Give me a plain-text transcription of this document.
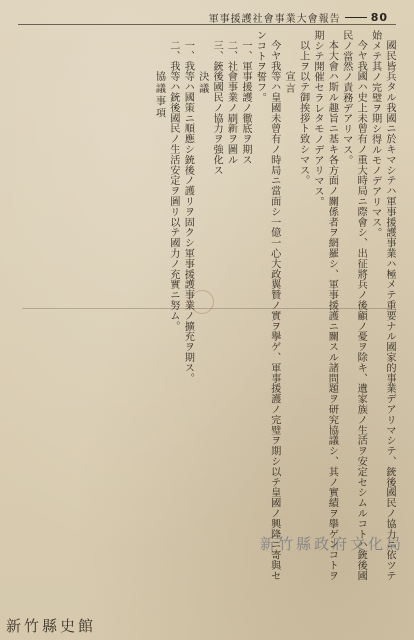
軍事援護社會事業大會報告	80

國民皆兵タル我國ニ於キマシテハ軍事援護事業ハ極メテ重要ナル國家的事業デアリマシテ、銃後國民ノ協力ニ依ツテ始メテ其ノ完璧ヲ期シ得ルモノデアリマス。

今ヤ我國ハ史上未曾有ノ重大時局ニ際會シ、出征將兵ノ後顧ノ憂ヲ除キ、遺家族ノ生活ヲ安定セシムルコトハ銃後國民ノ當然ノ責務デアリマス。

本大會ハ斯ル趣旨ニ基キ各方面ノ關係者ヲ網羅シ、軍事援護ニ關スル諸問題ヲ研究協議シ、其ノ實績ヲ擧ゲンコトヲ期シテ開催セラレタモノデアリマス。

以上ヲ以テ御挨拶ト致シマス。

宣言

今ヤ我等ハ皇國未曾有ノ時局ニ當面シ一億一心大政翼贊ノ實ヲ擧ゲ、軍事援護ノ完璧ヲ期シ以テ皇國ノ興隆ニ寄與センコトヲ誓フ。

一、軍事援護ノ徹底ヲ期ス

二、社會事業ノ刷新ヲ圖ル

三、銃後國民ノ協力ヲ強化ス

決議

一、我等ハ國策ニ順應シ銃後ノ護リヲ固クシ軍事援護事業ノ擴充ヲ期ス。

二、我等ハ銃後國民ノ生活安定ヲ圖リ以テ國力ノ充實ニ努ム。

協議事項

新竹縣政府文化局
新竹縣史館
